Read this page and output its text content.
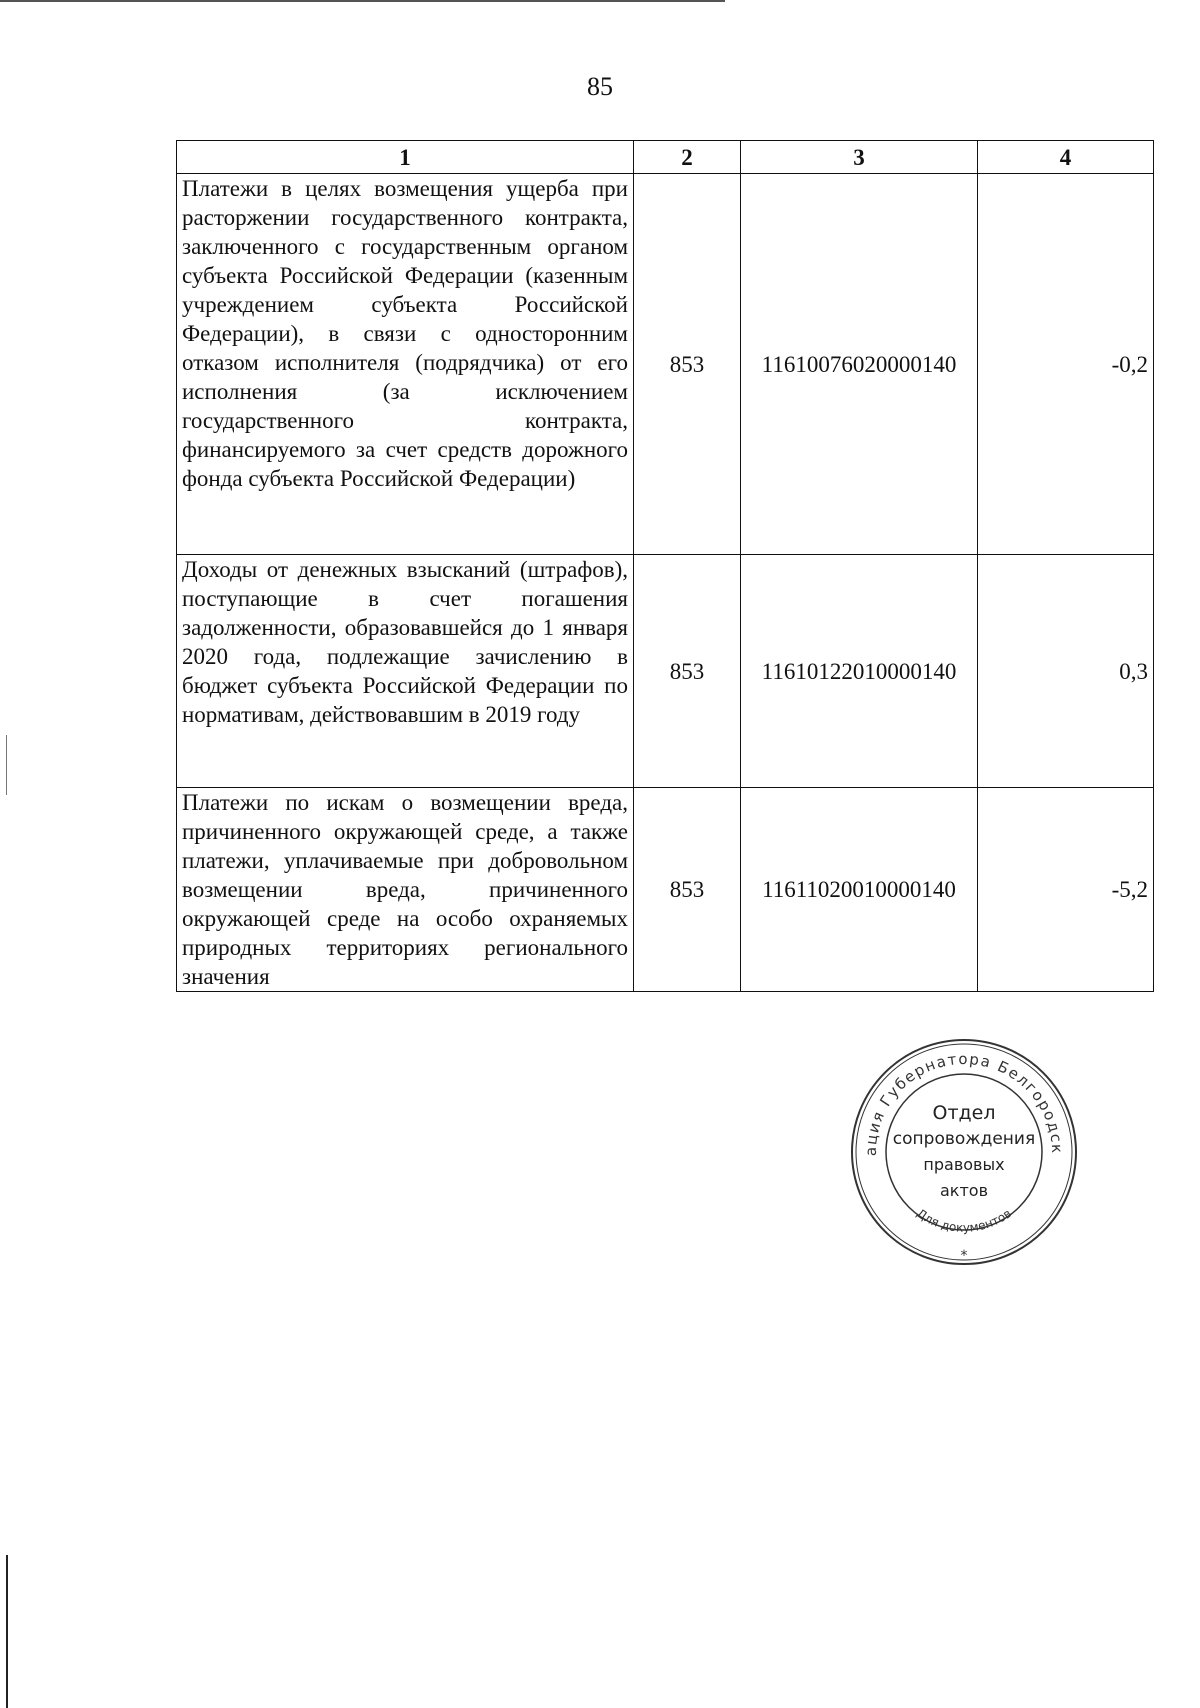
85
1	2	3	4
Платежи в целях возмещения ущерба при расторжении государственного контракта, заключенного с государственным органом субъекта Российской Федерации (казенным учреждением субъекта Российской Федерации), в связи с односторонним отказом исполнителя (подрядчика) от его исполнения (за исключением государственного контракта, финансируемого за счет средств дорожного фонда субъекта Российской Федерации)	853	11610076020000140	-0,2
Доходы от денежных взысканий (штрафов), поступающие в счет погашения задолженности, образовавшейся до 1 января 2020 года, подлежащие зачислению в бюджет субъекта Российской Федерации по нормативам, действовавшим в 2019 году	853	11610122010000140	0,3
Платежи по искам о возмещении вреда, причиненного окружающей среде, а также платежи, уплачиваемые при добровольном возмещении вреда, причиненного окружающей среде на особо охраняемых природных территориях регионального значения	853	11611020010000140	-5,2
ация Губернатора Белгородск
Для документов
*
Отдел
сопровождения
правовых
актов
